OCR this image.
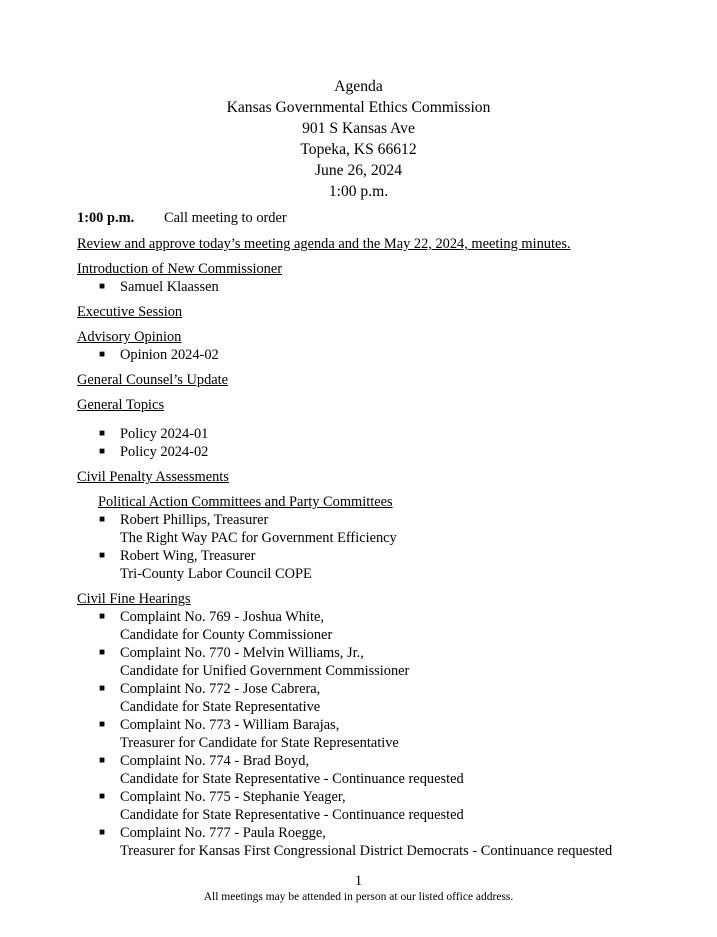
Agenda
Kansas Governmental Ethics Commission
901 S Kansas Ave
Topeka, KS 66612
June 26, 2024
1:00 p.m.
1:00 p.m.	Call meeting to order
Review and approve today’s meeting agenda and the May 22, 2024, meeting minutes.
Introduction of New Commissioner
■ Samuel Klaassen
Executive Session
Advisory Opinion
■ Opinion 2024-02
General Counsel’s Update
General Topics
■ Policy 2024-01
■ Policy 2024-02
Civil Penalty Assessments
Political Action Committees and Party Committees
■ Robert Phillips, Treasurer
The Right Way PAC for Government Efficiency
■ Robert Wing, Treasurer
Tri-County Labor Council COPE
Civil Fine Hearings
■ Complaint No. 769 - Joshua White,
Candidate for County Commissioner
■ Complaint No. 770 - Melvin Williams, Jr.,
Candidate for Unified Government Commissioner
■ Complaint No. 772 - Jose Cabrera,
Candidate for State Representative
■ Complaint No. 773 - William Barajas,
Treasurer for Candidate for State Representative
■ Complaint No. 774 - Brad Boyd,
Candidate for State Representative - Continuance requested
■ Complaint No. 775 - Stephanie Yeager,
Candidate for State Representative - Continuance requested
■ Complaint No. 777 - Paula Roegge,
Treasurer for Kansas First Congressional District Democrats - Continuance requested
1
All meetings may be attended in person at our listed office address.
